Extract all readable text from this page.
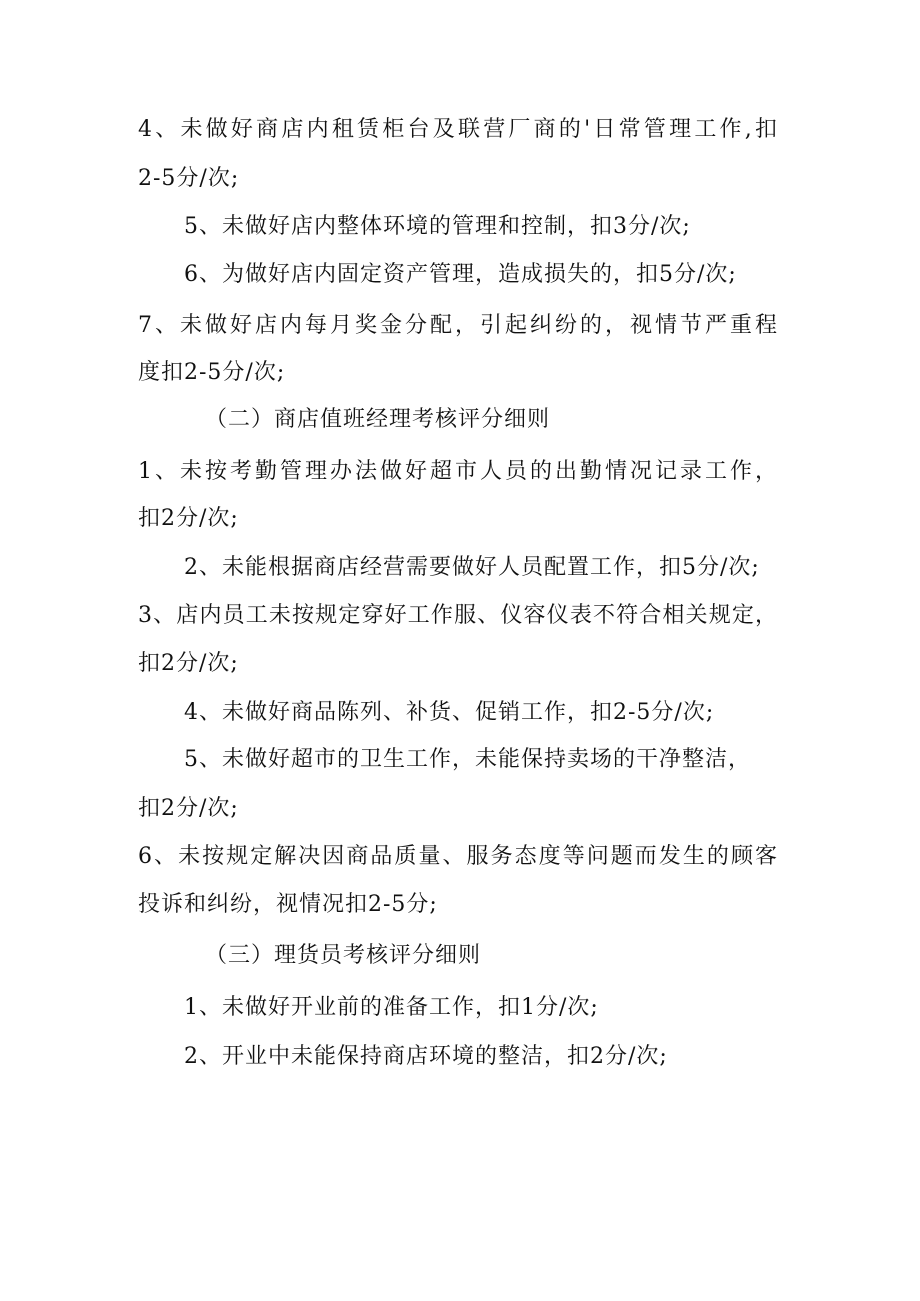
4、未做好商店内租赁柜台及联营厂商的'日常管理工作,扣
2-5分/次;
5、未做好店内整体环境的管理和控制，扣3分/次;
6、为做好店内固定资产管理，造成损失的，扣5分/次;
7、未做好店内每月奖金分配，引起纠纷的，视情节严重程
度扣2-5分/次;
（二）商店值班经理考核评分细则
1、未按考勤管理办法做好超市人员的出勤情况记录工作，
扣2分/次;
2、未能根据商店经营需要做好人员配置工作，扣5分/次;
3、店内员工未按规定穿好工作服、仪容仪表不符合相关规定，
扣2分/次;
4、未做好商品陈列、补货、促销工作，扣2-5分/次;
5、未做好超市的卫生工作，未能保持卖场的干净整洁，
扣2分/次;
6、未按规定解决因商品质量、服务态度等问题而发生的顾客
投诉和纠纷，视情况扣2-5分;
（三）理货员考核评分细则
1、未做好开业前的准备工作，扣1分/次;
2、开业中未能保持商店环境的整洁，扣2分/次;
